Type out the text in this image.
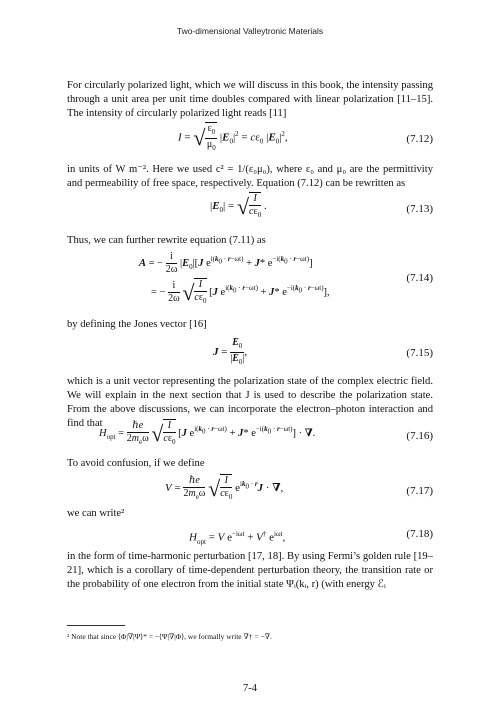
Two-dimensional Valleytronic Materials

For circularly polarized light, which we will discuss in this book, the intensity passing through a unit area per unit time doubles compared with linear polarization [11–15]. The intensity of circularly polarized light reads [11]

I = √ $\frac{\varepsilon_0}{\mu_0} |E_0|^2 = c\varepsilon_0$ $|E_0|^2$,	(7.12)

in units of W m⁻². Here we used c² = 1/(ε₀μ₀), where ε₀ and μ₀ are the permittivity and permeability of free space, respectively. Equation (7.12) can be rewritten as

$|E_0|$ = √ $\frac{I}{c\varepsilon_0}$ .	(7.13)

Thus, we can further rewrite equation (7.11) as

A = − $\frac{i}{2\omega} |E_0|[J$ $e^{i(k_0 \cdot r-\omega t)} + J*$ $e^{-i(k_0 \cdot r-\omega t)}$]
= − $\frac{i}{2\omega}$ √ $\frac{I}{c\varepsilon_0} [J$ $e^{i(k_0 \cdot r-\omega t)} + J*$ $e^{-i(k_0 \cdot r-\omega t)}$],
(7.14)

by defining the Jones vector [16]

$J = \frac{E_0}{|E_0|}$ ,	(7.15)

which is a unit vector representing the polarization state of the complex electric field. We will explain in the next section that J is used to describe the polarization state. From the above discussions, we can incorporate the electron–photon interaction and find that

$H_{opt} = \frac{\text{ℏe}}{2m_e\omega}$ √ $\frac{I}{c\varepsilon_0} [J$ $e^{i(k_0 \cdot r-\omega t)} + J*$ $e^{-i(k_0 \cdot r-\omega t)}$] · ∇.	(7.16)

To avoid confusion, if we define

$V = \frac{\text{ℏe}}{2m_e\omega}$ √ $\frac{I}{c\varepsilon_0} e^{ik_0 \cdot r}J$ · ∇,	(7.17)

we can write²

$H_{opt} = V$ $e^{-i\omega t} + V^\dagger$ $e^{i\omega t}$,	(7.18)

in the form of time-harmonic perturbation [17, 18]. By using Fermi’s golden rule [19–21], which is a corollary of time-dependent perturbation theory, the transition rate or the probability of one electron from the initial state Ψᵢ(kᵢ, r) (with energy ℰᵢ

² Note that since ⟨Φ|∇|Ψ⟩* = −⟨Ψ|∇|Φ⟩, we formally write ∇† = −∇.
7-4
